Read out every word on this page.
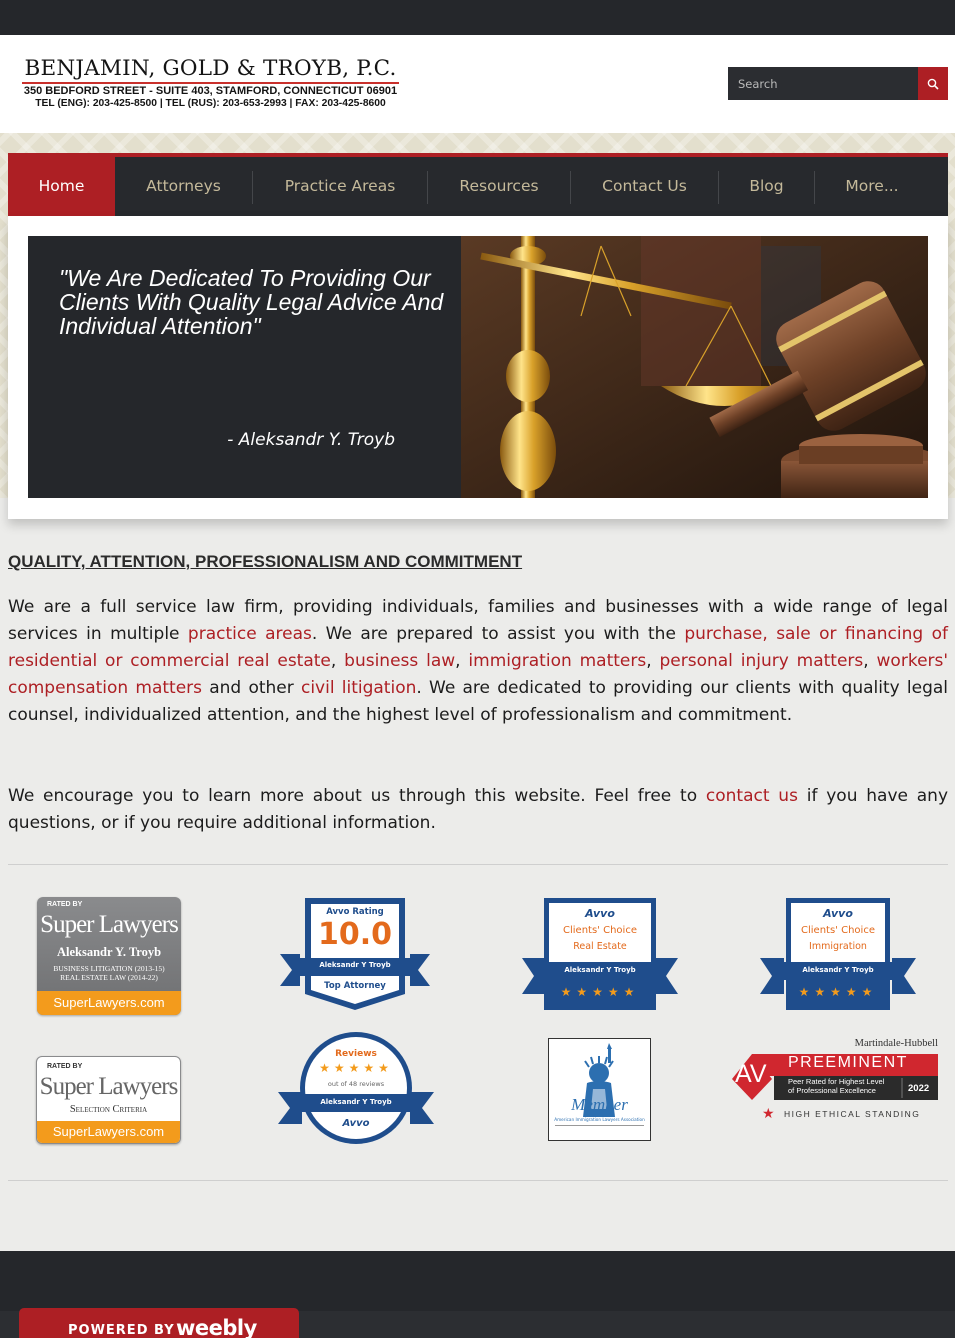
BENJAMIN, GOLD & TROYB, P.C.
350 BEDFORD STREET - SUITE 403, STAMFORD, CONNECTICUT 06901
TEL (ENG): 203-425-8500 | TEL (RUS): 203-653-2993 | FAX: 203-425-8600
Search
Home	Attorneys	Practice Areas	Resources	Contact Us	Blog	More...
"We Are Dedicated To Providing Our Clients With Quality Legal Advice And Individual Attention"
- Aleksandr Y. Troyb
QUALITY, ATTENTION, PROFESSIONALISM AND COMMITMENT

We are a full service law firm, providing individuals, families and businesses with a wide range of legal services in multiple practice areas. We are prepared to assist you with the purchase, sale or financing of residential or commercial real estate, business law, immigration matters, personal injury matters, workers' compensation matters and other civil litigation. We are dedicated to providing our clients with quality legal counsel, individualized attention, and the highest level of professionalism and commitment.

We encourage you to learn more about us through this website. Feel free to contact us if you have any questions, or if you require additional information.

RATED BY
Super Lawyers
Aleksandr Y. Troyb
BUSINESS LITIGATION (2013-15)
REAL ESTATE LAW (2014-22)
SuperLawyers.com
Avvo Rating
10.0
Aleksandr Y Troyb
Top Attorney
Avvo
Clients' Choice
Real Estate
Aleksandr Y Troyb
★★★★★
Avvo
Clients' Choice
Immigration
Aleksandr Y Troyb
★★★★★
RATED BY
Super Lawyers
Selection Criteria
SuperLawyers.com
Reviews
★★★★★
out of 48 reviews
Aleksandr Y Troyb
Avvo
Member
American Immigration Lawyers Association
Martindale-Hubbell
AV PREEMINENT
Peer Rated for Highest Level
of Professional Excellence	2022
★ HIGH ETHICAL STANDING
POWERED BY weebly
